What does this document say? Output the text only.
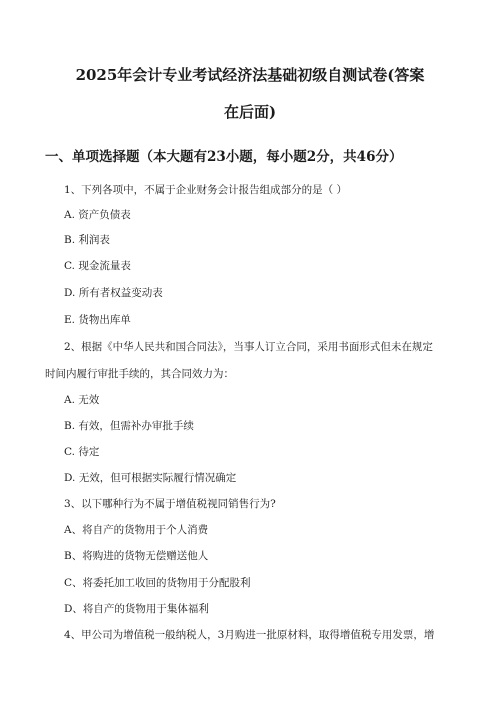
2025年会计专业考试经济法基础初级自测试卷(答案
在后面)
一、单项选择题（本大题有23小题，每小题2分，共46分）
1、下列各项中，不属于企业财务会计报告组成部分的是（ ）
A. 资产负债表
B. 利润表
C. 现金流量表
D. 所有者权益变动表
E. 货物出库单
2、根据《中华人民共和国合同法》，当事人订立合同，采用书面形式但未在规定
时间内履行审批手续的，其合同效力为：
A. 无效
B. 有效，但需补办审批手续
C. 待定
D. 无效，但可根据实际履行情况确定
3、以下哪种行为不属于增值税视同销售行为?
A、将自产的货物用于个人消费
B、将购进的货物无偿赠送他人
C、将委托加工收回的货物用于分配股利
D、将自产的货物用于集体福利
4、甲公司为增值税一般纳税人，3月购进一批原材料，取得增值税专用发票，增
